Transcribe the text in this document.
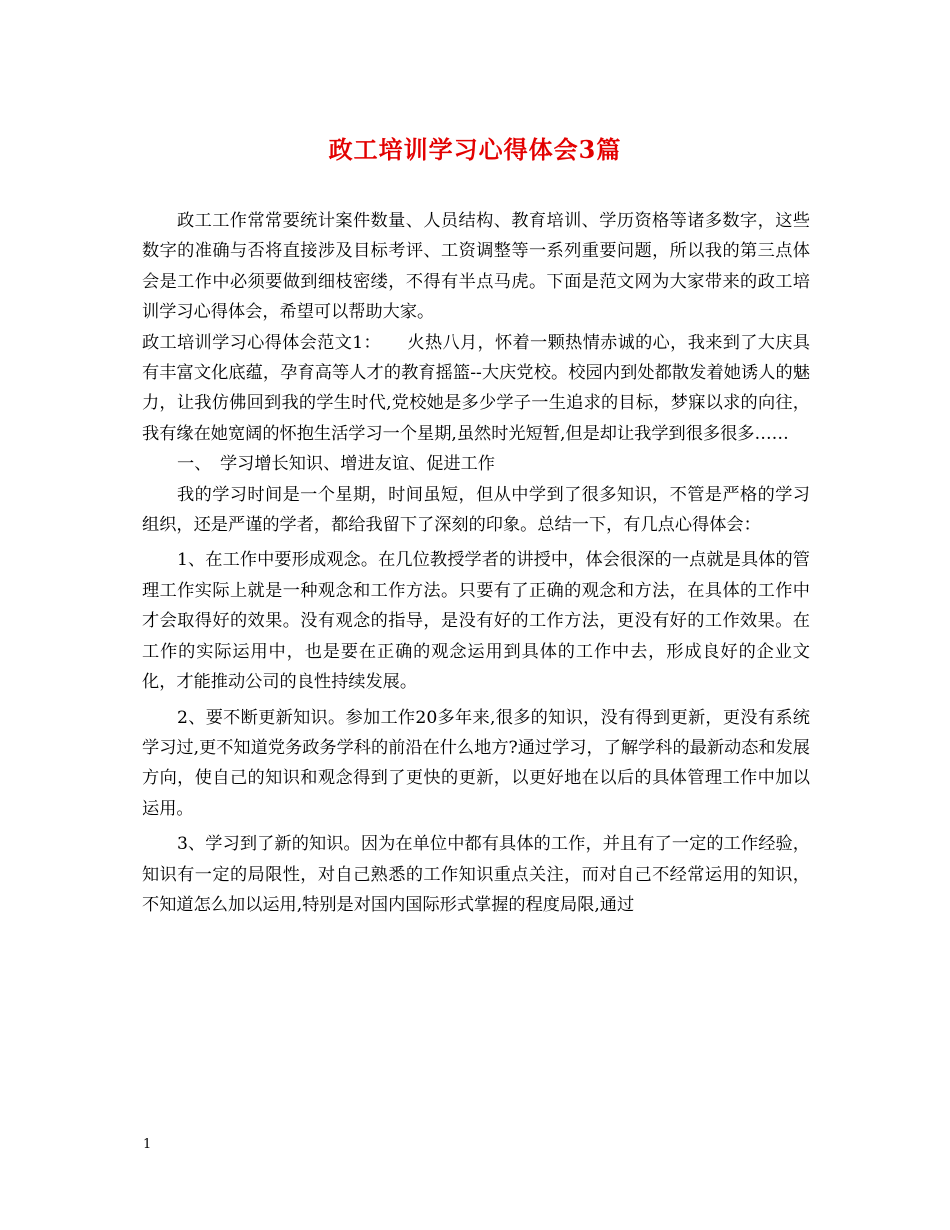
政工培训学习心得体会3篇

政工工作常常要统计案件数量、人员结构、教育培训、学历资格等诸多数字，这些数字的准确与否将直接涉及目标考评、工资调整等一系列重要问题，所以我的第三点体会是工作中必须要做到细枝密缕，不得有半点马虎。下面是范文网为大家带来的政工培训学习心得体会，希望可以帮助大家。

政工培训学习心得体会范文1：　　火热八月，怀着一颗热情赤诚的心，我来到了大庆具有丰富文化底蕴，孕育高等人才的教育摇篮--大庆党校。校园内到处都散发着她诱人的魅力，让我仿佛回到我的学生时代,党校她是多少学子一生追求的目标，梦寐以求的向往，我有缘在她宽阔的怀抱生活学习一个星期,虽然时光短暂,但是却让我学到很多很多……

一、　学习增长知识、增进友谊、促进工作

我的学习时间是一个星期，时间虽短，但从中学到了很多知识，不管是严格的学习组织，还是严谨的学者，都给我留下了深刻的印象。总结一下，有几点心得体会：

1、在工作中要形成观念。在几位教授学者的讲授中，体会很深的一点就是具体的管理工作实际上就是一种观念和工作方法。只要有了正确的观念和方法，在具体的工作中才会取得好的效果。没有观念的指导，是没有好的工作方法，更没有好的工作效果。在工作的实际运用中，也是要在正确的观念运用到具体的工作中去，形成良好的企业文化，才能推动公司的良性持续发展。

2、要不断更新知识。参加工作20多年来,很多的知识，没有得到更新，更没有系统学习过,更不知道党务政务学科的前沿在什么地方?通过学习，了解学科的最新动态和发展方向，使自己的知识和观念得到了更快的更新，以更好地在以后的具体管理工作中加以运用。

3、学习到了新的知识。因为在单位中都有具体的工作，并且有了一定的工作经验，知识有一定的局限性，对自己熟悉的工作知识重点关注，而对自己不经常运用的知识，不知道怎么加以运用,特别是对国内国际形式掌握的程度局限,通过

1
